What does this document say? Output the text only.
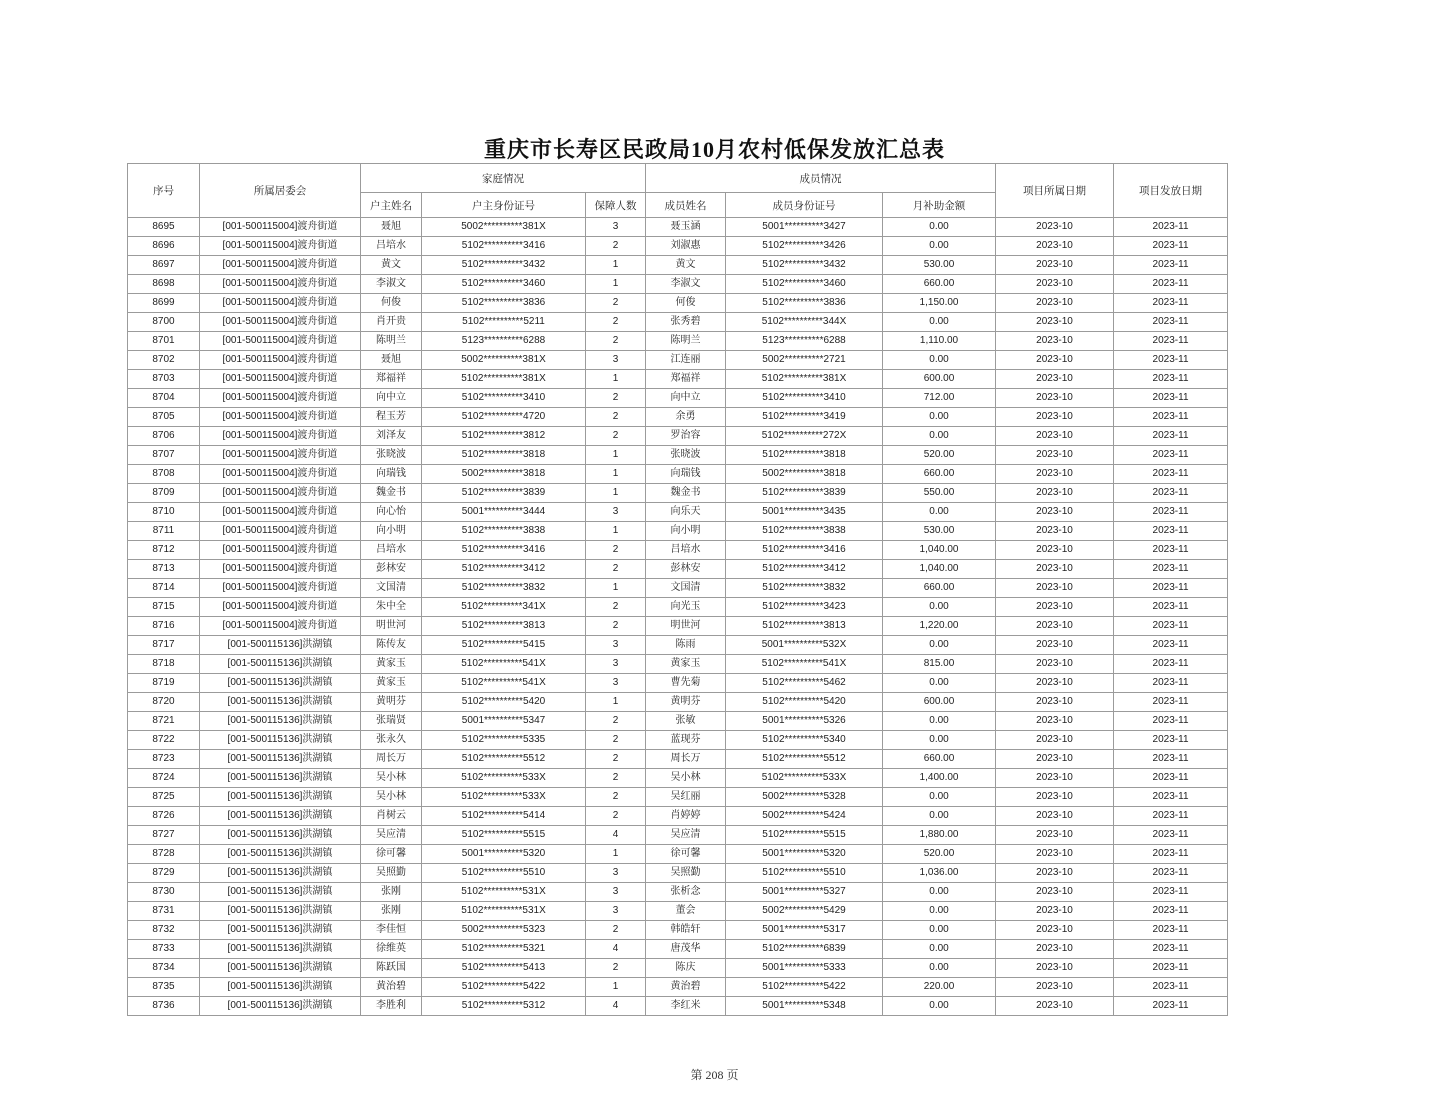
重庆市长寿区民政局10月农村低保发放汇总表
序号	所属居委会	家庭情况			成员情况			项目所属日期	项目发放日期
		户主姓名	户主身份证号	保障人数	成员姓名	成员身份证号	月补助金额		
8695	[001-500115004]渡舟街道	聂旭	5002**********381X	3	聂玉涵	5001**********3427	0.00	2023-10	2023-11
8696	[001-500115004]渡舟街道	吕培水	5102**********3416	2	刘淑惠	5102**********3426	0.00	2023-10	2023-11
8697	[001-500115004]渡舟街道	黄文	5102**********3432	1	黄文	5102**********3432	530.00	2023-10	2023-11
8698	[001-500115004]渡舟街道	李淑文	5102**********3460	1	李淑文	5102**********3460	660.00	2023-10	2023-11
8699	[001-500115004]渡舟街道	何俊	5102**********3836	2	何俊	5102**********3836	1,150.00	2023-10	2023-11
8700	[001-500115004]渡舟街道	肖开贵	5102**********5211	2	张秀碧	5102**********344X	0.00	2023-10	2023-11
8701	[001-500115004]渡舟街道	陈明兰	5123**********6288	2	陈明兰	5123**********6288	1,110.00	2023-10	2023-11
8702	[001-500115004]渡舟街道	聂旭	5002**********381X	3	江连丽	5002**********2721	0.00	2023-10	2023-11
8703	[001-500115004]渡舟街道	郑福祥	5102**********381X	1	郑福祥	5102**********381X	600.00	2023-10	2023-11
8704	[001-500115004]渡舟街道	向中立	5102**********3410	2	向中立	5102**********3410	712.00	2023-10	2023-11
8705	[001-500115004]渡舟街道	程玉芳	5102**********4720	2	余勇	5102**********3419	0.00	2023-10	2023-11
8706	[001-500115004]渡舟街道	刘泽友	5102**********3812	2	罗治容	5102**********272X	0.00	2023-10	2023-11
8707	[001-500115004]渡舟街道	张晓波	5102**********3818	1	张晓波	5102**********3818	520.00	2023-10	2023-11
8708	[001-500115004]渡舟街道	向瑞钱	5002**********3818	1	向瑞钱	5002**********3818	660.00	2023-10	2023-11
8709	[001-500115004]渡舟街道	魏金书	5102**********3839	1	魏金书	5102**********3839	550.00	2023-10	2023-11
8710	[001-500115004]渡舟街道	向心怡	5001**********3444	3	向乐天	5001**********3435	0.00	2023-10	2023-11
8711	[001-500115004]渡舟街道	向小明	5102**********3838	1	向小明	5102**********3838	530.00	2023-10	2023-11
8712	[001-500115004]渡舟街道	吕培水	5102**********3416	2	吕培水	5102**********3416	1,040.00	2023-10	2023-11
8713	[001-500115004]渡舟街道	彭林安	5102**********3412	2	彭林安	5102**********3412	1,040.00	2023-10	2023-11
8714	[001-500115004]渡舟街道	文国清	5102**********3832	1	文国清	5102**********3832	660.00	2023-10	2023-11
8715	[001-500115004]渡舟街道	朱中全	5102**********341X	2	向光玉	5102**********3423	0.00	2023-10	2023-11
8716	[001-500115004]渡舟街道	明世河	5102**********3813	2	明世河	5102**********3813	1,220.00	2023-10	2023-11
8717	[001-500115136]洪湖镇	陈传友	5102**********5415	3	陈雨	5001**********532X	0.00	2023-10	2023-11
8718	[001-500115136]洪湖镇	黄家玉	5102**********541X	3	黄家玉	5102**********541X	815.00	2023-10	2023-11
8719	[001-500115136]洪湖镇	黄家玉	5102**********541X	3	曹先菊	5102**********5462	0.00	2023-10	2023-11
8720	[001-500115136]洪湖镇	黄明芬	5102**********5420	1	黄明芬	5102**********5420	600.00	2023-10	2023-11
8721	[001-500115136]洪湖镇	张瑞贤	5001**********5347	2	张敏	5001**********5326	0.00	2023-10	2023-11
8722	[001-500115136]洪湖镇	张永久	5102**********5335	2	蓝现芬	5102**********5340	0.00	2023-10	2023-11
8723	[001-500115136]洪湖镇	周长万	5102**********5512	2	周长万	5102**********5512	660.00	2023-10	2023-11
8724	[001-500115136]洪湖镇	吴小林	5102**********533X	2	吴小林	5102**********533X	1,400.00	2023-10	2023-11
8725	[001-500115136]洪湖镇	吴小林	5102**********533X	2	吴红丽	5002**********5328	0.00	2023-10	2023-11
8726	[001-500115136]洪湖镇	肖树云	5102**********5414	2	肖婷婷	5002**********5424	0.00	2023-10	2023-11
8727	[001-500115136]洪湖镇	吴应清	5102**********5515	4	吴应清	5102**********5515	1,880.00	2023-10	2023-11
8728	[001-500115136]洪湖镇	徐可馨	5001**********5320	1	徐可馨	5001**********5320	520.00	2023-10	2023-11
8729	[001-500115136]洪湖镇	吴照勤	5102**********5510	3	吴照勤	5102**********5510	1,036.00	2023-10	2023-11
8730	[001-500115136]洪湖镇	张刚	5102**********531X	3	张析念	5001**********5327	0.00	2023-10	2023-11
8731	[001-500115136]洪湖镇	张刚	5102**********531X	3	董会	5002**********5429	0.00	2023-10	2023-11
8732	[001-500115136]洪湖镇	李佳恒	5002**********5323	2	韩皓轩	5001**********5317	0.00	2023-10	2023-11
8733	[001-500115136]洪湖镇	徐维英	5102**********5321	4	唐茂华	5102**********6839	0.00	2023-10	2023-11
8734	[001-500115136]洪湖镇	陈跃国	5102**********5413	2	陈庆	5001**********5333	0.00	2023-10	2023-11
8735	[001-500115136]洪湖镇	黄治碧	5102**********5422	1	黄治碧	5102**********5422	220.00	2023-10	2023-11
8736	[001-500115136]洪湖镇	李胜利	5102**********5312	4	李红米	5001**********5348	0.00	2023-10	2023-11
第 208 页
